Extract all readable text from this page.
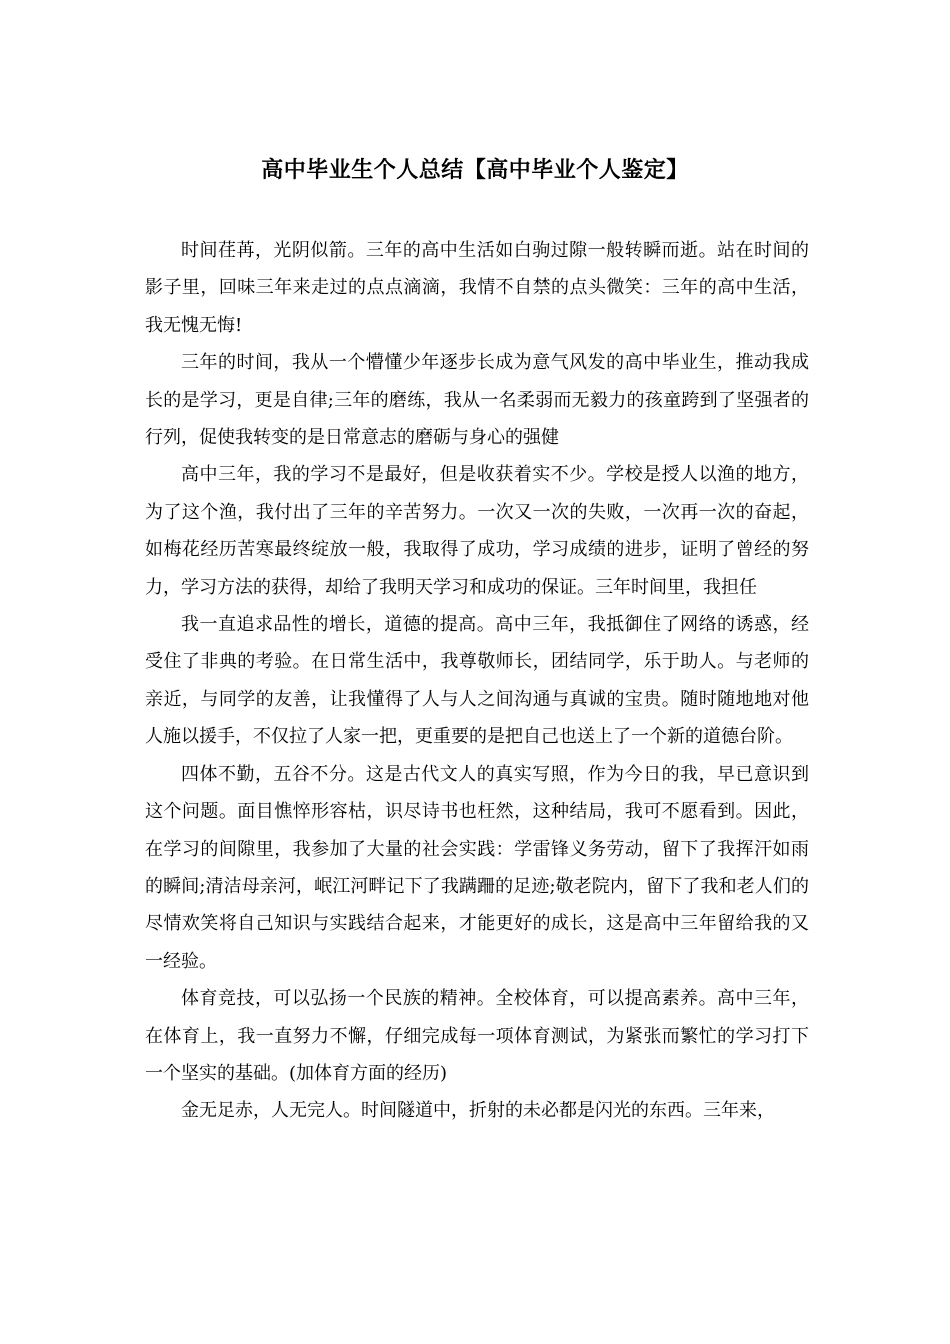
高中毕业生个人总结【高中毕业个人鉴定】

时间荏苒，光阴似箭。三年的高中生活如白驹过隙一般转瞬而逝。站在时间的影子里，回味三年来走过的点点滴滴，我情不自禁的点头微笑：三年的高中生活，我无愧无悔!

三年的时间，我从一个懵懂少年逐步长成为意气风发的高中毕业生，推动我成长的是学习，更是自律;三年的磨练，我从一名柔弱而无毅力的孩童跨到了坚强者的行列，促使我转变的是日常意志的磨砺与身心的强健

高中三年，我的学习不是最好，但是收获着实不少。学校是授人以渔的地方，为了这个渔，我付出了三年的辛苦努力。一次又一次的失败，一次再一次的奋起，如梅花经历苦寒最终绽放一般，我取得了成功，学习成绩的进步，证明了曾经的努力，学习方法的获得，却给了我明天学习和成功的保证。三年时间里，我担任

我一直追求品性的增长，道德的提高。高中三年，我抵御住了网络的诱惑，经受住了非典的考验。在日常生活中，我尊敬师长，团结同学，乐于助人。与老师的亲近，与同学的友善，让我懂得了人与人之间沟通与真诚的宝贵。随时随地地对他人施以援手，不仅拉了人家一把，更重要的是把自己也送上了一个新的道德台阶。

四体不勤，五谷不分。这是古代文人的真实写照，作为今日的我，早已意识到这个问题。面目憔悴形容枯，识尽诗书也枉然，这种结局，我可不愿看到。因此，在学习的间隙里，我参加了大量的社会实践：学雷锋义务劳动，留下了我挥汗如雨的瞬间;清洁母亲河，岷江河畔记下了我蹒跚的足迹;敬老院内，留下了我和老人们的尽情欢笑将自己知识与实践结合起来，才能更好的成长，这是高中三年留给我的又一经验。

体育竞技，可以弘扬一个民族的精神。全校体育，可以提高素养。高中三年，在体育上，我一直努力不懈，仔细完成每一项体育测试，为紧张而繁忙的学习打下一个坚实的基础。(加体育方面的经历)

金无足赤，人无完人。时间隧道中，折射的未必都是闪光的东西。三年来，
